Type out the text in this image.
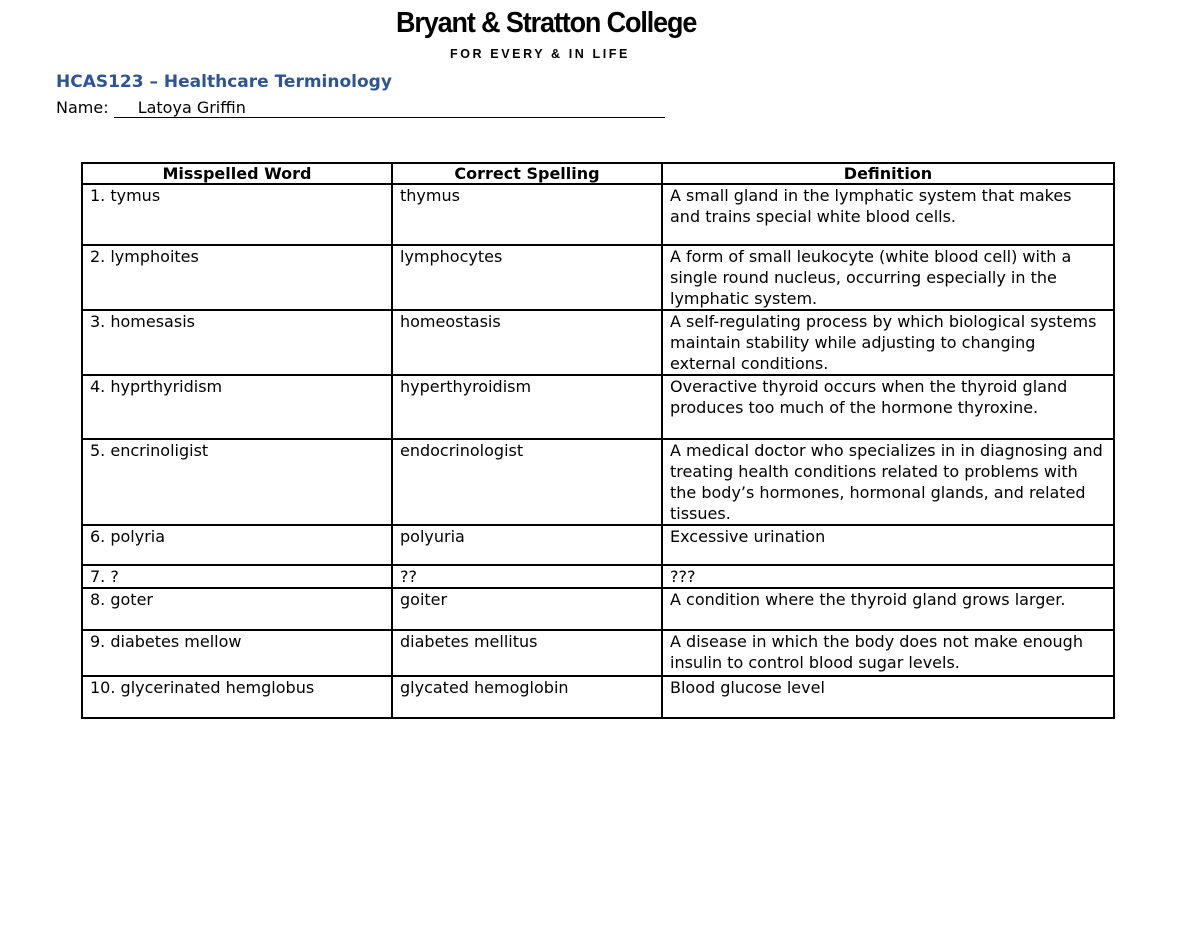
Bryant & Stratton College
FOR EVERY & IN LIFE
HCAS123 – Healthcare Terminology
Name: Latoya Griffin
Misspelled Word	Correct Spelling	Definition
1. tymus	thymus	A small gland in the lymphatic system that makes and trains special white blood cells.
2. lymphoites	lymphocytes	A form of small leukocyte (white blood cell) with a single round nucleus, occurring especially in the lymphatic system.
3. homesasis	homeostasis	A self-regulating process by which biological systems maintain stability while adjusting to changing external conditions.
4. hyprthyridism	hyperthyroidism	Overactive thyroid occurs when the thyroid gland produces too much of the hormone thyroxine.
5. encrinoligist	endocrinologist	A medical doctor who specializes in in diagnosing and treating health conditions related to problems with the body’s hormones, hormonal glands, and related tissues.
6. polyria	polyuria	Excessive urination
7. ?	??	???
8. goter	goiter	A condition where the thyroid gland grows larger.
9. diabetes mellow	diabetes mellitus	A disease in which the body does not make enough insulin to control blood sugar levels.
10. glycerinated hemglobus	glycated hemoglobin	Blood glucose level
